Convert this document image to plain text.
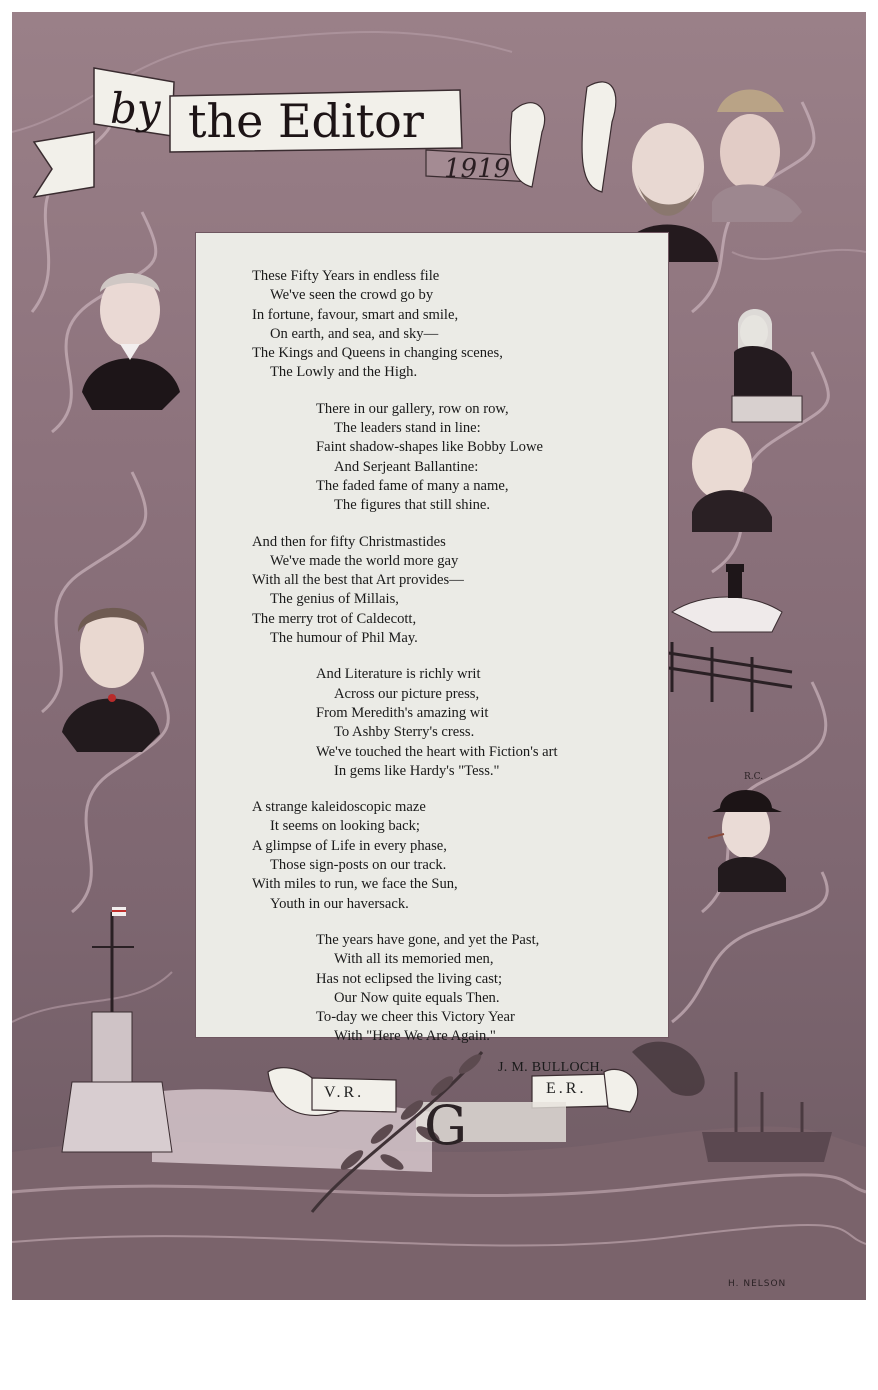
by the Editor
1919
V.R.	E.R.
G
R.C.
H. NELSON
These Fifty Years in endless file
We've seen the crowd go by
In fortune, favour, smart and smile,
On earth, and sea, and sky—
The Kings and Queens in changing scenes,
The Lowly and the High.
There in our gallery, row on row,
The leaders stand in line:
Faint shadow-shapes like Bobby Lowe
And Serjeant Ballantine:
The faded fame of many a name,
The figures that still shine.
And then for fifty Christmastides
We've made the world more gay
With all the best that Art provides—
The genius of Millais,
The merry trot of Caldecott,
The humour of Phil May.
And Literature is richly writ
Across our picture press,
From Meredith's amazing wit
To Ashby Sterry's cress.
We've touched the heart with Fiction's art
In gems like Hardy's "Tess."
A strange kaleidoscopic maze
It seems on looking back;
A glimpse of Life in every phase,
Those sign-posts on our track.
With miles to run, we face the Sun,
Youth in our haversack.
The years have gone, and yet the Past,
With all its memoried men,
Has not eclipsed the living cast;
Our Now quite equals Then.
To-day we cheer this Victory Year
With "Here We Are Again."
J. M. BULLOCH.
